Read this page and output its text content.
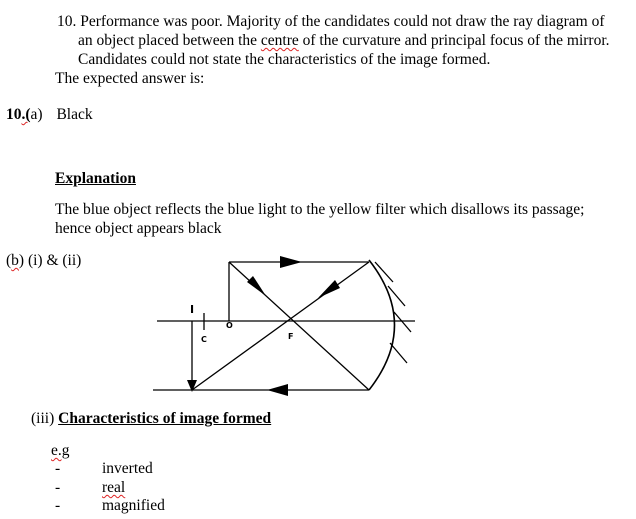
10. Performance was poor. Majority of the candidates could not draw the ray diagram of
an object placed between the centre of the curvature and principal focus of the mirror.
Candidates could not state the characteristics of the image formed.
The expected answer is:
10.(a) Black
Explanation
The blue object reflects the blue light to the yellow filter which disallows its passage;
hence object appears black
(b) (i) & (ii)
I
O
C	F
(iii) Characteristics of image formed
e.g
-	inverted
-	real
-	magnified
